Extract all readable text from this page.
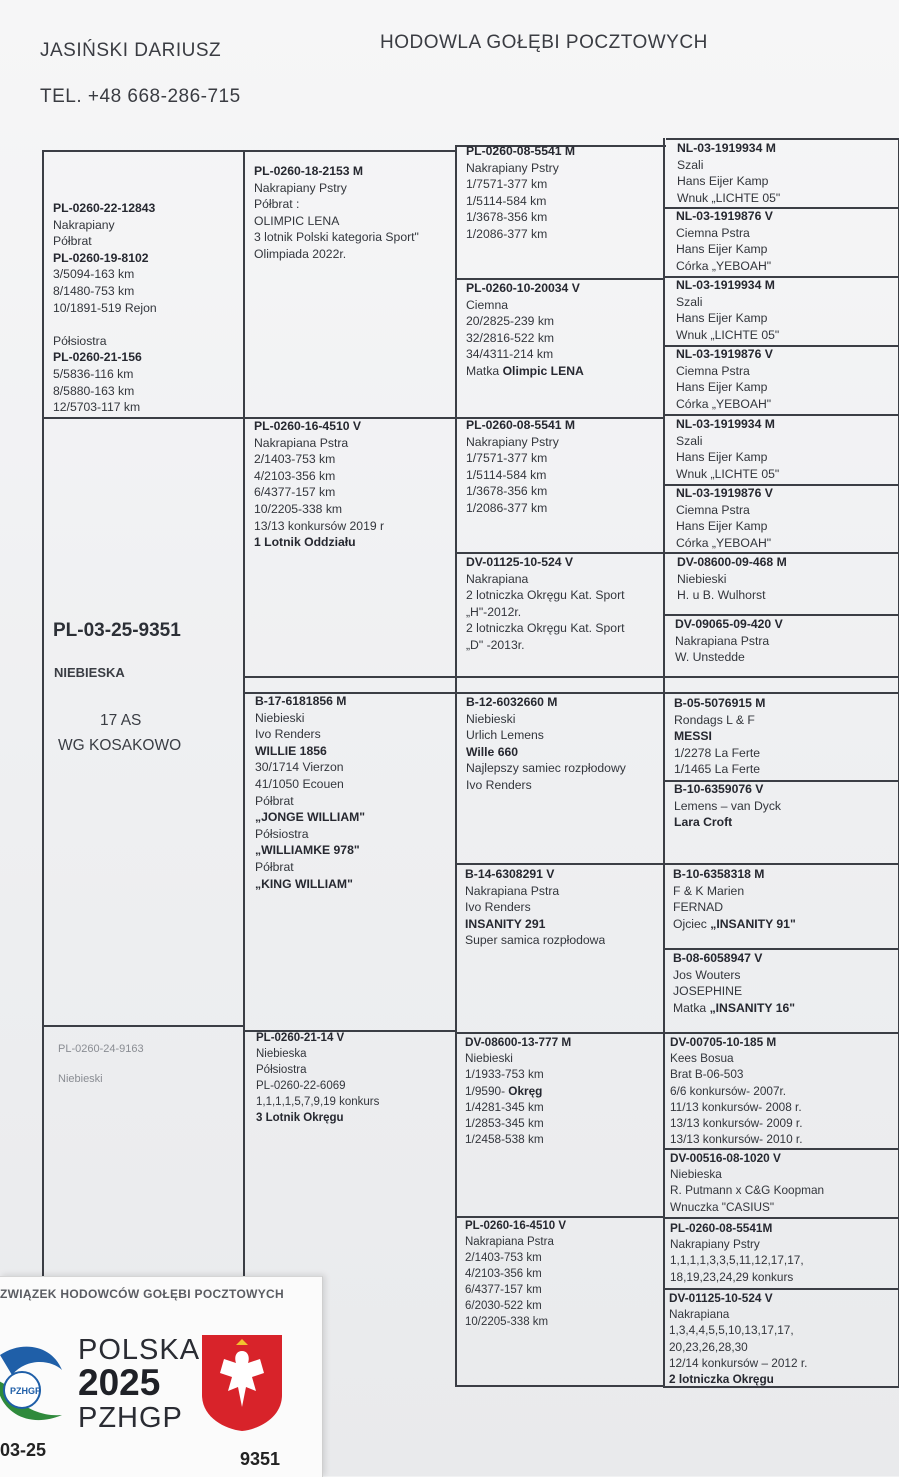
JASIŃSKI DARIUSZ
TEL. +48 668-286-715
HODOWLA GOŁĘBI POCZTOWYCH
PL-03-25-9351
NIEBIESKA
17 AS
WG KOSAKOWO
PL-0260-22-12843
Nakrapiany
Półbrat
PL-0260-19-8102
3/5094-163 km
8/1480-753 km
10/1891-519 Rejon

Półsiostra
PL-0260-21-156
5/5836-116 km
8/5880-163 km
12/5703-117 km
PL-0260-24-9163

Niebieski
PL-0260-18-2153 M
Nakrapiany Pstry
Półbrat :
OLIMPIC LENA
3 lotnik Polski kategoria Sport"
Olimpiada 2022r.
PL-0260-16-4510 V
Nakrapiana Pstra
2/1403-753 km
4/2103-356 km
6/4377-157 km
10/2205-338 km
13/13 konkursów 2019 r
1 Lotnik Oddziału
B-17-6181856 M
Niebieski
Ivo Renders
WILLIE 1856
30/1714 Vierzon
41/1050 Ecouen
Półbrat
„JONGE WILLIAM"
Półsiostra
„WILLIAMKE 978"
Półbrat
„KING WILLIAM"
PL-0260-21-14 V
Niebieska
Półsiostra
PL-0260-22-6069
1,1,1,1,5,7,9,19 konkurs
3 Lotnik Okręgu
PL-0260-08-5541 M
Nakrapiany Pstry
1/7571-377 km
1/5114-584 km
1/3678-356 km
1/2086-377 km
PL-0260-10-20034 V
Ciemna
20/2825-239 km
32/2816-522 km
34/4311-214 km
Matka Olimpic LENA
PL-0260-08-5541 M
Nakrapiany Pstry
1/7571-377 km
1/5114-584 km
1/3678-356 km
1/2086-377 km
DV-01125-10-524 V
Nakrapiana
2 lotniczka Okręgu Kat. Sport
„H"-2012r.
2 lotniczka Okręgu Kat. Sport
„D" -2013r.
B-12-6032660 M
Niebieski
Urlich Lemens
Wille 660
Najlepszy samiec rozpłodowy
Ivo Renders
B-14-6308291 V
Nakrapiana Pstra
Ivo Renders
INSANITY 291
Super samica rozpłodowa
DV-08600-13-777 M
Niebieski
1/1933-753 km
1/9590- Okręg
1/4281-345 km
1/2853-345 km
1/2458-538 km
PL-0260-16-4510 V
Nakrapiana Pstra
2/1403-753 km
4/2103-356 km
6/4377-157 km
6/2030-522 km
10/2205-338 km
NL-03-1919934 M
Szali
Hans Eijer Kamp
Wnuk „LICHTE 05"
NL-03-1919876 V
Ciemna Pstra
Hans Eijer Kamp
Córka „YEBOAH"
NL-03-1919934 M
Szali
Hans Eijer Kamp
Wnuk „LICHTE 05"
NL-03-1919876 V
Ciemna Pstra
Hans Eijer Kamp
Córka „YEBOAH"
NL-03-1919934 M
Szali
Hans Eijer Kamp
Wnuk „LICHTE 05"
NL-03-1919876 V
Ciemna Pstra
Hans Eijer Kamp
Córka „YEBOAH"
DV-08600-09-468 M
Niebieski
H. u B. Wulhorst
DV-09065-09-420 V
Nakrapiana Pstra
W. Unstedde
B-05-5076915 M
Rondags L & F
MESSI
1/2278 La Ferte
1/1465 La Ferte
B-10-6359076 V
Lemens – van Dyck
Lara Croft
B-10-6358318 M
F & K Marien
FERNAD
Ojciec „INSANITY 91"
B-08-6058947 V
Jos Wouters
JOSEPHINE
Matka „INSANITY 16"
DV-00705-10-185 M
Kees Bosua
Brat B-06-503
6/6 konkursów- 2007r.
11/13 konkursów- 2008 r.
13/13 konkursów- 2009 r.
13/13 konkursów- 2010 r.
DV-00516-08-1020 V
Niebieska
R. Putmann x C&G Koopman
Wnuczka "CASIUS"
PL-0260-08-5541M
Nakrapiany Pstry
1,1,1,1,3,3,5,11,12,17,17,
18,19,23,24,29 konkurs
DV-01125-10-524 V
Nakrapiana
1,3,4,4,5,5,10,13,17,17,
20,23,26,28,30
12/14 konkursów – 2012 r.
2 lotniczka Okręgu
ZWIĄZEK HODOWCÓW GOŁĘBI POCZTOWYCH
PZHGP
POLSKA
2025
PZHGP
03-25	9351
